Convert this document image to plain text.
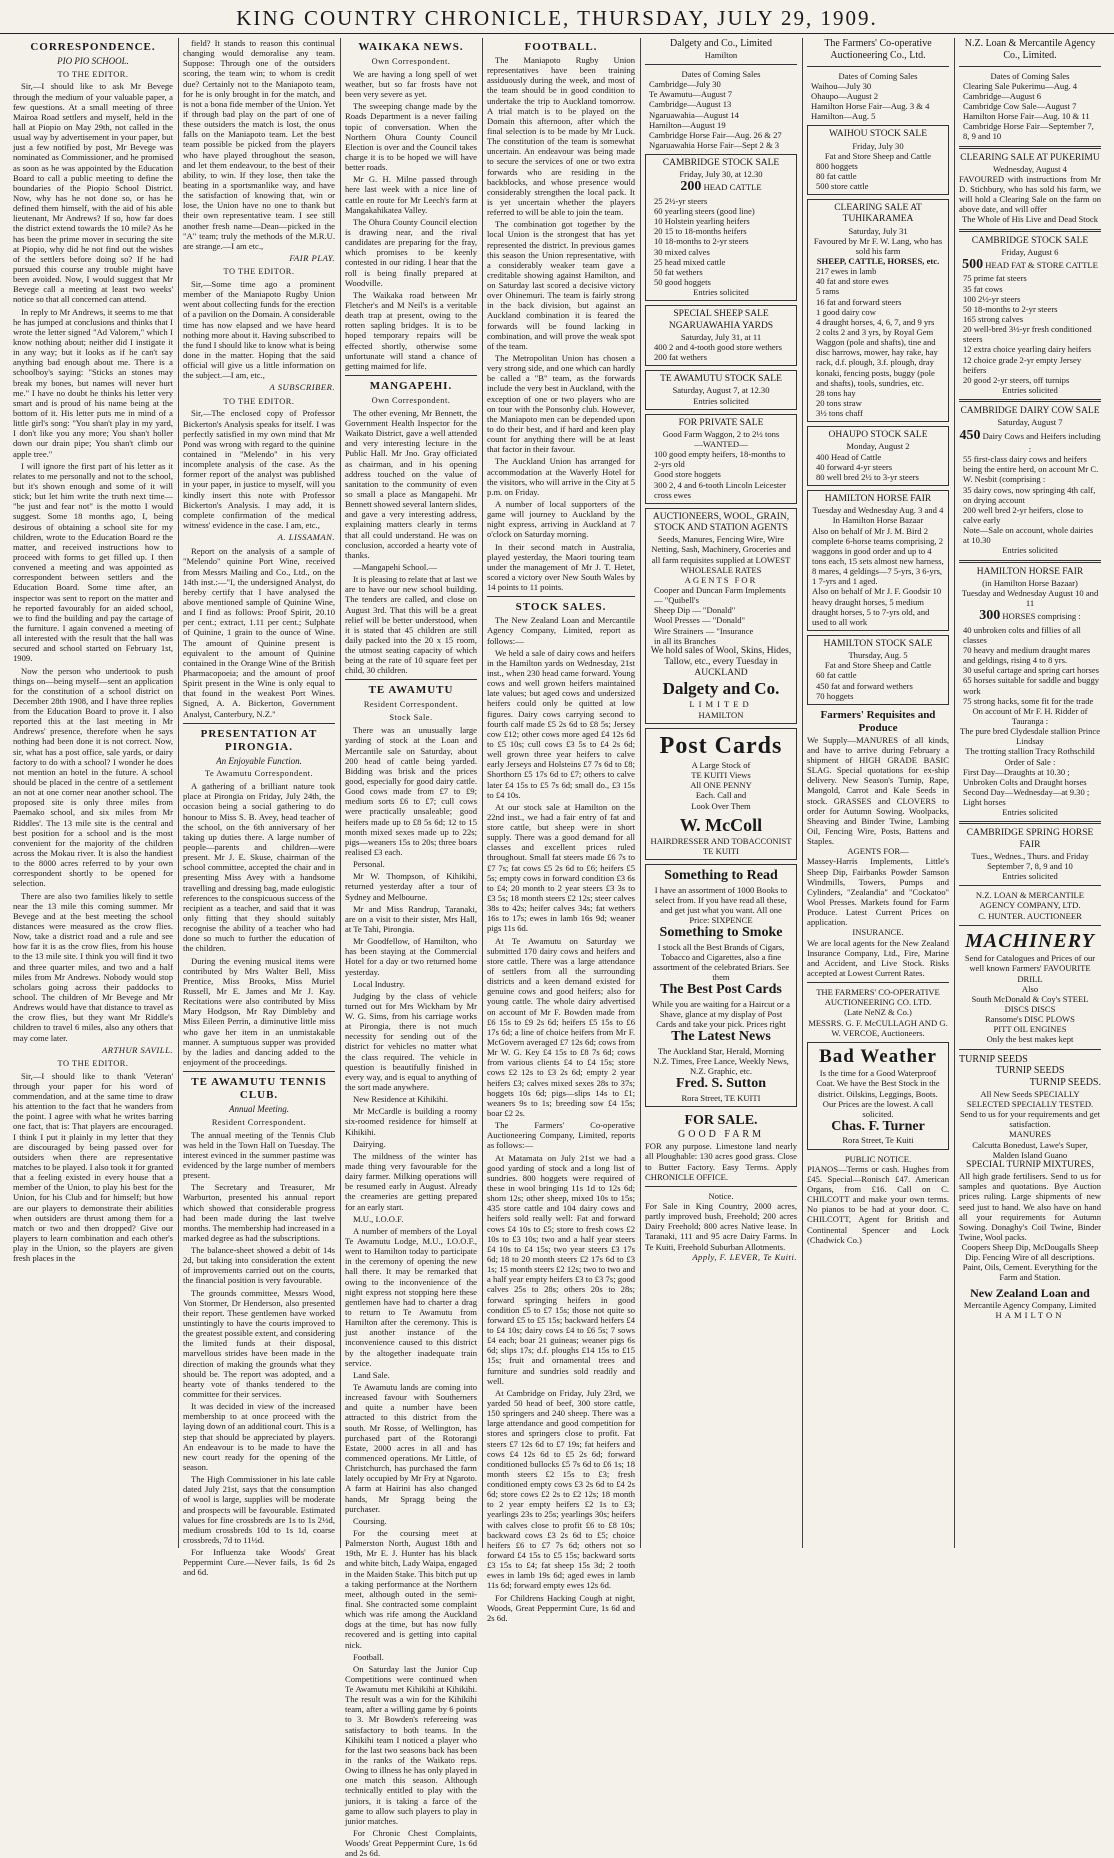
KING COUNTRY CHRONICLE, THURSDAY, JULY 29, 1909.
CORRESPONDENCE.
PIO PIO SCHOOL.
TO THE EDITOR.

Sir,—I should like to ask Mr Bevege through the medium of your valuable paper, a few questions. At a small meeting of three Mairoa Road settlers and myself, held in the hall at Piopio on May 29th, not called in the usual way by advertisement in your paper, but just a few notified by post, Mr Bevege was nominated as Commissioner, and he promised as soon as he was appointed by the Education Board to call a public meeting to define the boundaries of the Piopio School District. Now, why has he not done so, or has he defined them himself, with the aid of his able lieutenant, Mr Andrews? If so, how far does the district extend towards the 10 mile? As he has been the prime mover in securing the site at Piopio, why did he not find out the wishes of the settlers before doing so? If he had pursued this course any trouble might have been avoided. Now, I would suggest that Mr Bevege call a meeting at least two weeks' notice so that all concerned can attend.

In reply to Mr Andrews, it seems to me that he has jumped at conclusions and thinks that I wrote the letter signed "Ad Valorem," which I know nothing about; neither did I instigate it in any way; but it looks as if he can't say anything bad enough about me. There is a schoolboy's saying: "Sticks an stones may break my bones, but names will never hurt me." I have no doubt he thinks his letter very smart and is proud of his name being at the bottom of it. His letter puts me in mind of a little girl's song: "You shan't play in my yard, I don't like you any more; You shan't holler down our drain pipe; You shan't climb our apple tree."

I will ignore the first part of his letter as it relates to me personally and not to the school, but it's shown enough and some of it will stick; but let him write the truth next time— "be just and fear not" is the motto I would suggest. Some 18 months ago, I, being desirous of obtaining a school site for my children, wrote to the Education Board re the matter, and received instructions how to proceed with forms to get filled up. I then convened a meeting and was appointed as correspondent between settlers and the Education Board. Some time after, an inspector was sent to report on the matter and he reported favourably for an aided school, we to find the building and pay the cartage of the furniture. I again convened a meeting of all interested with the result that the hall was secured and school started on February 1st, 1909.

Now the person who undertook to push things on—being myself—sent an application for the constitution of a school district on December 28th 1908, and I have three replies from the Education Board to prove it. I also reported this at the last meeting in Mr Andrews' presence, therefore when he says nothing had been done it is not correct. Now, sir, what has a post office, sale yards, or dairy factory to do with a school? I wonder he does not mention an hotel in the future. A school should be placed in the centre of a settlement an not at one corner near another school. The proposed site is only three miles from Paemako school, and six miles from Mr Riddles'. The 13 mile site is the central and best position for a school and is the most convenient for the majority of the children across the Mokau river. It is also the handiest to the 8000 acres referred to by your own correspondent shortly to be opened for selection.

There are also two families likely to settle near the 13 mile this coming summer. Mr Bevege and at the best meeting the school distances were measured as the crow flies. Now, take a district road and a rule and see how far it is as the crow flies, from his house to the 13 mile site. I think you will find it two and three quarter miles, and two and a half miles from Mr Andrews. Nobody would stop scholars going across their paddocks to school. The children of Mr Bevege and Mr Andrews would have that distance to travel as the crow flies, but they want Mr Riddle's children to travel 6 miles, also any others that may come later.

ARTHUR SAVILL.
TO THE EDITOR.

Sir,—I should like to thank 'Veteran' through your paper for his word of commendation, and at the same time to draw his attention to the fact that he wanders from the point. I agree with what he writes barring one fact, that is: That players are encouraged. I think I put it plainly in my letter that they are discouraged by being passed over for outsiders when there are representative matches to be played. I also took it for granted that a feeling existed in every house that a member of the Union, to play his best for the Union, for his Club and for himself; but how are our players to demonstrate their abilities when outsiders are thrust among them for a match or two and then dropped? Give our players to learn combination and each other's play in the Union, so the players are given fresh places in the

field? It stands to reason this continual changing would demoralise any team. Suppose: Through one of the outsiders scoring, the team win; to whom is credit due? Certainly not to the Maniapoto team, for he is only brought in for the match, and is not a bona fide member of the Union. Yet if through bad play on the part of one of these outsiders the match is lost, the onus falls on the Maniapoto team. Let the best team possible be picked from the players who have played throughout the season, and let them endeavour, to the best of their ability, to win. If they lose, then take the beating in a sportsmanlike way, and have the satisfaction of knowing that, win or lose, the Union have no one to thank but their own representative team. I see still another fresh name—Dean—picked in the "A" team; truly the methods of the M.R.U. are strange.—I am etc.,

FAIR PLAY.
TO THE EDITOR.

Sir,—Some time ago a prominent member of the Maniapoto Rugby Union went about collecting funds for the erection of a pavilion on the Domain. A considerable time has now elapsed and we have heard nothing more about it. Having subscribed to the fund I should like to know what is being done in the matter. Hoping that the said official will give us a little information on the subject.—I am, etc.,

A SUBSCRIBER.
TO THE EDITOR.

Sir,—The enclosed copy of Professor Bickerton's Analysis speaks for itself. I was perfectly satisfied in my own mind that Mr Pond was wrong with regard to the quinine contained in "Melendo" in his very incomplete analysis of the case. As the former report of the analyst was published in your paper, in justice to myself, will you kindly insert this note with Professor Bickerton's Analysis. I may add, it is complete confirmation of the medical witness' evidence in the case. I am, etc.,

A. LISSAMAN.

Report on the analysis of a sample of "Melendo" quinine Port Wine, received from Messrs Mailing and Co., Ltd., on the 14th inst.:—"I, the undersigned Analyst, do hereby certify that I have analysed the above mentioned sample of Quinine Wine, and I find as follows: Proof Spirit, 20.10 per cent.; extract, 1.11 per cent.; Sulphate of Quinine, 1 grain to the ounce of Wine. The amount of Quinine present is equivalent to the amount of Quinine contained in the Orange Wine of the British Pharmacopoeia; and the amount of proof Spirit present in the Wine is only equal to that found in the weakest Port Wines. Signed, A. A. Bickerton, Government Analyst, Canterbury, N.Z."

PRESENTATION AT PIRONGIA.
An Enjoyable Function.
Te Awamutu Correspondent.

A gathering of a brilliant nature took place at Pirongia on Friday, July 24th, the occasion being a social gathering to do honour to Miss S. B. Avey, head teacher of the school, on the 6th anniversary of her taking up duties there. A large number of people—parents and children—were present. Mr J. E. Skuse, chairman of the school committee, accepted the chair and in presenting Miss Avey with a handsome travelling and dressing bag, made eulogistic references to the conspicuous success of the recipient as a teacher, and said that it was only fitting that they should suitably recognise the ability of a teacher who had done so much to further the education of the children.

During the evening musical items were contributed by Mrs Walter Bell, Miss Prentice, Miss Brooks, Miss Muriel Russell, Mr E. James and Mr J. Kay. Recitations were also contributed by Miss Mary Hodgson, Mr Ray Dimbleby and Miss Eileen Perrin, a diminutive little miss who gave her item in an unmistakable manner. A sumptuous supper was provided by the ladies and dancing added to the enjoyment of the proceedings.

TE AWAMUTU TENNIS CLUB.
Annual Meeting.
Resident Correspondent.

The annual meeting of the Tennis Club was held in the Town Hall on Tuesday. The interest evinced in the summer pastime was evidenced by the large number of members present.

The Secretary and Treasurer, Mr Warburton, presented his annual report which showed that considerable progress had been made during the last twelve months. The membership had increased in a marked degree as had the subscriptions.

The balance-sheet showed a debit of 14s 2d, but taking into consideration the extent of improvements carried out on the courts, the financial position is very favourable.

The grounds committee, Messrs Wood, Von Stormer, Dr Henderson, also presented their report. These gentlemen have worked unstintingly to have the courts improved to the greatest possible extent, and considering the limited funds at their disposal, marvellous strides have been made in the direction of making the grounds what they should be. The report was adopted, and a hearty vote of thanks tendered to the committee for their services.

It was decided in view of the increased membership to at once proceed with the laying down of an additional court. This is a step that should be appreciated by players. An endeavour is to be made to have the new court ready for the opening of the season.

The High Commissioner in his late cable dated July 21st, says that the consumption of wool is large, supplies will be moderate and prospects will be favourable. Estimated values for fine crossbreds are 1s to 1s 2½d, medium crossbreds 10d to 1s 1d, coarse crossbreds, 7d to 11½d.

For Influenza take Woods' Great Peppermint Cure.—Never fails, 1s 6d 2s and 6d.

WAIKAKA NEWS.
Own Correspondent.

We are having a long spell of wet weather, but so far frosts have not been very severe as yet.

The sweeping change made by the Roads Department is a never failing topic of conversation. When the Northern Ohura County Council Election is over and the Council takes charge it is to be hoped we will have better roads.

Mr G. H. Milne passed through here last week with a nice line of cattle en route for Mr Leech's farm at Mangakahikatea Valley.

The Ohura County Council election is drawing near, and the rival candidates are preparing for the fray, which promises to be keenly contested in our riding. I hear that the roll is being finally prepared at Woodville.

The Waikaka road between Mr Fletcher's and M Neil's is a veritable death trap at present, owing to the rotten sapling bridges. It is to be hoped temporary repairs will be effected shortly, otherwise some unfortunate will stand a chance of getting maimed for life.

MANGAPEHI.
Own Correspondent.

The other evening, Mr Bennett, the Government Health Inspector for the Waikato District, gave a well attended and very interesting lecture in the Public Hall. Mr Jno. Gray officiated as chairman, and in his opening address touched on the value of sanitation to the community of even so small a place as Mangapehi. Mr Bennett showed several lantern slides, and gave a very interesting address, explaining matters clearly in terms that all could understand. He was on conclusion, accorded a hearty vote of thanks.

—Mangapehi School.—

It is pleasing to relate that at last we are to have our new school building. The tenders are called, and close on August 3rd. That this will be a great relief will be better understood, when it is stated that 45 children are still daily packed into the 20 x 15 room, the utmost seating capacity of which being at the rate of 10 square feet per child, 30 children.

TE AWAMUTU
Resident Correspondent.
Stock Sale.

There was an unusually large yarding of stock at the Loan and Mercantile sale on Saturday, about 200 head of cattle being yarded. Bidding was brisk and the prices good, especially for good dairy cattle. Good cows made from £7 to £9; medium sorts £6 to £7; cull cows were practically unsaleable; good heifers made up to £8 5s 6d; 12 to 15 month mixed sexes made up to 22s; pigs—weaners 15s to 20s; three boars realised £3 each.

Personal.

Mr W. Thompson, of Kihikihi, returned yesterday after a tour of Sydney and Melbourne.

Mr and Miss Randrup, Taranaki, are on a visit to their sister, Mrs Hall, at Te Tahi, Pirongia.

Mr Goodfellow, of Hamilton, who has been staying at the Commercial Hotel for a day or two returned home yesterday.

Local Industry.

Judging by the class of vehicle turned out for Mrs Wickham by Mr W. G. Sims, from his carriage works at Pirongia, there is not much necessity for sending out of the district for vehicles no matter what the class required. The vehicle in question is beautifully finished in every way, and is equal to anything of the sort made anywhere.

New Residence at Kihikihi.

Mr McCardle is building a roomy six-roomed residence for himself at Kihikihi.

Dairying.

The mildness of the winter has made thing very favourable for the dairy farmer. Milking operations will be resumed early in August. Already the creameries are getting prepared for an early start.

M.U., I.O.O.F.

A number of members of the Loyal Te Awamutu Lodge, M.U., I.O.O.F., went to Hamilton today to participate in the ceremony of opening the new hall there. It may be remarked that owing to the inconvenience of the night express not stopping here these gentlemen have had to charter a drag to return to Te Awamutu from Hamilton after the ceremony. This is just another instance of the inconvenience caused to this district by the altogether inadequate train service.

Land Sale.

Te Awamutu lands are coming into increased favour with Southerners and quite a number have been attracted to this district from the south. Mr Rosse, of Wellington, has purchased part of the Rotorangi Estate, 2000 acres in all and has commenced operations. Mr Little, of Christchurch, has purchased the farm lately occupied by Mr Fry at Ngaroto. A farm at Hairini has also changed hands, Mr Spragg being the purchaser.

Coursing.

For the coursing meet at Palmerston North, August 18th and 19th, Mr E. J. Hunter has his black and white bitch, Lady Waipa, engaged in the Maiden Stake. This bitch put up a taking performance at the Northern meet, although outed in the semi-final. She contracted some complaint which was rife among the Auckland dogs at the time, but has now fully recovered and is getting into capital nick.

Football.

On Saturday last the Junior Cup Competitions were continued when Te Awamutu met Kihikihi at Kihikihi. The result was a win for the Kihikihi team, after a willing game by 6 points to 3. Mr Bowden's refereeing was satisfactory to both teams. In the Kihikihi team I noticed a player who for the last two seasons back has been in the ranks of the Waikato reps. Owing to illness he has only played in one match this season. Although technically entitled to play with the juniors, it is taking a farce of the game to allow such players to play in junior matches.

For Chronic Chest Complaints, Woods' Great Peppermint Cure, 1s 6d and 2s 6d.

FOOTBALL.

The Maniapoto Rugby Union representatives have been training assiduously during the week, and most of the team should be in good condition to undertake the trip to Auckland tomorrow. A trial match is to be played on the Domain this afternoon, after which the final selection is to be made by Mr Luck. The constitution of the team is somewhat uncertain. An endeavour was being made to secure the services of one or two extra forwards who are residing in the backblocks, and whose presence would considerably strengthen the local pack. It is yet uncertain whether the players referred to will be able to join the team.

The combination got together by the local Union is the strongest that has yet represented the district. In previous games this season the Union representative, with a considerably weaker team gave a creditable showing against Hamilton, and on Saturday last scored a decisive victory over Ohinemuri. The team is fairly strong in the back division, but against an Auckland combination it is feared the forwards will be found lacking in combination, and will prove the weak spot of the team.

The Metropolitan Union has chosen a very strong side, and one which can hardly be called a "B" team, as the forwards include the very best in Auckland, with the exception of one or two players who are on tour with the Ponsonby club. However, the Maniapoto men can be depended upon to do their best, and if hard and keen play count for anything there will be at least that factor in their favour.

The Auckland Union has arranged for accommodation at the Waverly Hotel for the visitors, who will arrive in the City at 5 p.m. on Friday.

A number of local supporters of the game will journey to Auckland by the night express, arriving in Auckland at 7 o'clock on Saturday morning.

In their second match in Australia, played yesterday, the Maori touring team under the management of Mr J. T. Hetet, scored a victory over New South Wales by 14 points to 11 points.

STOCK SALES.

The New Zealand Loan and Mercantile Agency Company, Limited, report as follows:—

We held a sale of dairy cows and heifers in the Hamilton yards on Wednesday, 21st inst., when 230 head came forward. Young cows and well grown heifers maintained late values; but aged cows and undersized heifers could only be quitted at low figures. Dairy cows carrying second to fourth calf made £5 2s 6d to £8 5s; Jersey cow £12; other cows more aged £4 12s 6d to £5 10s; cull cows £3 5s to £4 2s 6d; well grown three year heifers to calve early Jerseys and Holsteins £7 7s 6d to £8; Shorthorn £5 17s 6d to £7; others to calve later £4 15s to £5 7s 6d; small do., £3 15s to £4 10s.

At our stock sale at Hamilton on the 22nd inst., we had a fair entry of fat and store cattle, but sheep were in short supply. There was a good demand for all classes and excellent prices ruled throughout. Small fat steers made £6 7s to £7 7s; fat cows £5 2s 6d to £6; heifers £5 5s; empty cows in forward condition £3 6s to £4; 20 month to 2 year steers £3 3s to £3 5s; 18 month steers £2 12s; steer calves 38s to 42s; heifer calves 34s; fat wethers 16s to 17s; ewes in lamb 16s 9d; weaner pigs 11s 6d.

At Te Awamutu on Saturday we submitted 170 dairy cows and heifers and store cattle. There was a large attendance of settlers from all the surrounding districts and a keen demand existed for genuine cows and good heifers; also for young cattle. The whole dairy advertised on account of Mr F. Bowden made from £6 15s to £9 2s 6d; heifers £5 15s to £6 17s 6d; a line of choice heifers from Mr F. McGovern averaged £7 12s 6d; cows from Mr W. G. Key £4 15s to £8 7s 6d; cows from various clients £4 to £4 15s; store cows £2 12s to £3 2s 6d; empty 2 year heifers £3; calves mixed sexes 28s to 37s; hoggets 10s 6d; pigs—slips 14s to £1; weaners 9s to 1s; breeding sow £4 15s; boar £2 2s.

The Farmers' Co-operative Auctioneering Company, Limited, reports as follows:—

At Matamata on July 21st we had a good yarding of stock and a long list of sundries. 800 hoggets were required of these in wool bringing 11s 1d to 12s 6d; shorn 12s; other sheep, mixed 10s to 15s; 435 store cattle and 104 dairy cows and heifers sold really well: Fat and forward cows £4 10s to £5; store to fresh cows £2 10s to £3 10s; two and a half year steers £4 10s to £4 15s; two year steers £3 17s 6d; 18 to 20 month steers £2 17s 6d to £3 1s; 15 month steers £2 12s; two to two and a half year empty heifers £3 to £3 7s; good calves 25s to 28s; others 20s to 28s; forward springing heifers in good condition £5 to £7 15s; those not quite so forward £5 to £5 15s; backward heifers £4 to £4 10s; dairy cows £4 to £6 5s; 7 sows £4 each; boar 21 guineas; weaner pigs 6s 6d; slips 17s; d.f. ploughs £14 15s to £15 15s; fruit and ornamental trees and furniture and sundries sold readily and well.

At Cambridge on Friday, July 23rd, we yarded 50 head of beef, 300 store cattle, 150 springers and 240 sheep. There was a large attendance and good competition for stores and springers close to profit. Fat steers £7 12s 6d to £7 19s; fat heifers and cows £4 12s 6d to £5 2s 6d; forward conditioned bullocks £5 7s 6d to £6 1s; 18 month steers £2 15s to £3; fresh conditioned empty cows £3 2s 6d to £4 2s 6d; store cows £2 2s to £2 12s; 18 month to 2 year empty heifers £2 1s to £3; yearlings 23s to 25s; yearlings 30s; heifers with calves close to profit £6 to £8 10s; backward cows £3 2s 6d to £5; choice heifers £6 to £7 7s 6d; others not so forward £4 15s to £5 15s; backward sorts £3 15s to £4; fat sheep 15s 3d; 2 tooth ewes in lamb 19s 6d; aged ewes in lamb 11s 6d; forward empty ewes 12s 6d.

For Childrens Hacking Cough at night, Woods, Great Peppermint Cure, 1s 6d and 2s 6d.

Dalgety and Co., Limited
Hamilton
Dates of Coming Sales
Cambridge—July 30
Te Awamutu—August 7
Cambridge—August 13
Ngaruawahia—August 14
Hamilton—August 19
Cambridge Horse Fair—Aug. 26 & 27
Ngaruawahia Horse Fair—Sept 2 & 3
CAMBRIDGE STOCK SALE
Friday, July 30, at 12.30
200 HEAD CATTLE
25 2½-yr steers
60 yearling steers (good line)
10 Holstein yearling heifers
20 15 to 18-months heifers
10 18-months to 2-yr steers
30 mixed calves
25 head mixed cattle
50 fat wethers
50 good hoggets
Entries solicited
SPECIAL SHEEP SALE NGARUAWAHIA YARDS
Saturday, July 31, at 11
400 2 and 4-tooth good store wethers
200 fat wethers
TE AWAMUTU STOCK SALE
Saturday, August 7, at 12.30
Entries solicited
FOR PRIVATE SALE
Good Farm Waggon, 2 to 2½ tons
—WANTED—
100 good empty heifers, 18-months to 2-yrs old
Good store hoggets
300 2, 4 and 6-tooth Lincoln Leicester cross ewes
AUCTIONEERS, WOOL, GRAIN, STOCK AND STATION AGENTS
Seeds, Manures, Fencing Wire, Wire Netting, Sash, Machinery, Groceries and all farm requisites supplied at LOWEST WHOLESALE RATES
AGENTS FOR
Cooper and Duncan Farm Implements — "Quibell's
Sheep Dip — "Donald"
Wool Presses — "Donald"
Wire Strainers — "Insurance
in all its Branches
We hold sales of Wool, Skins, Hides, Tallow, etc., every Tuesday in AUCKLAND
Dalgety and Co.
LIMITED
HAMILTON
Post Cards
A Large Stock of
TE KUITI Views
All ONE PENNY
Each. Call and
Look Over Them
W. McColl
HAIRDRESSER AND TOBACCONIST
TE KUITI
Something to Read
I have an assortment of 1000 Books to select from. If you have read all these, and get just what you want. All one Price: SIXPENCE
Something to Smoke
I stock all the Best Brands of Cigars, Tobacco and Cigarettes, also a fine assortment of the celebrated Briars. See them
The Best Post Cards
While you are waiting for a Haircut or a Shave, glance at my display of Post Cards and take your pick. Prices right
The Latest News
The Auckland Star, Herald, Morning N.Z. Times, Free Lance, Weekly News, N.Z. Graphic, etc.
Fred. S. Sutton
Rora Street, TE KUITI
FOR SALE.
GOOD FARM
FOR any purpose. Limestone land nearly all Ploughable: 130 acres good grass. Close to Butter Factory. Easy Terms. Apply CHRONICLE OFFICE.
Notice.
For Sale in King Country, 2000 acres, partly improved bush, Freehold; 200 acres Dairy Freehold; 800 acres Native lease. In Taranaki, 111 and 95 acre Dairy Farms. In Te Kuiti, Freehold Suburban Allotments.
Apply, F. LEVER, Te Kuiti.
The Farmers' Co-operative Auctioneering Co., Ltd.
Dates of Coming Sales
Waihou—July 30
Ohaupo—August 2
Hamilton Horse Fair—Aug. 3 & 4
Hamilton—Aug. 5
WAIHOU STOCK SALE
Friday, July 30
Fat and Store Sheep and Cattle
800 hoggets
80 fat cattle
500 store cattle
CLEARING SALE AT TUHIKARAMEA
Saturday, July 31
Favoured by Mr F. W. Lang, who has sold his farm
SHEEP, CATTLE, HORSES, etc.
217 ewes in lamb
40 fat and store ewes
5 rams
16 fat and forward steers
1 good dairy cow
4 draught horses, 4, 6, 7, and 9 yrs
2 colts 2 and 3 yrs, by Royal Gem
Waggon (pole and shafts), tine and disc harrows, mower, hay rake, hay rack, d.f. plough, 3.f. plough, dray konaki, fencing posts, buggy (pole and shafts), tools, sundries, etc.
28 tons hay
20 tons straw
3½ tons chaff
OHAUPO STOCK SALE
Monday, August 2
400 Head of Cattle
40 forward 4-yr steers
80 well bred 2½ to 3-yr steers
HAMILTON HORSE FAIR
Tuesday and Wednesday Aug. 3 and 4
In Hamilton Horse Bazaar
Also on behalf of Mr J. M. Bird 2 complete 6-horse teams comprising, 2 waggons in good order and up to 4 tons each, 15 sets almost new harness, 8 mares, 4 geldings—7 5-yrs, 3 6-yrs, 1 7-yrs and 1 aged.
Also on behalf of Mr J. F. Goodsir 10 heavy draught horses, 5 medium draught horses, 5 to 7-yrs old, and used to all work
HAMILTON STOCK SALE
Thursday, Aug. 5
Fat and Store Sheep and Cattle
60 fat cattle
450 fat and forward wethers
70 hoggets
Farmers' Requisites and Produce
We Supply—MANURES of all kinds, and have to arrive during February a shipment of HIGH GRADE BASIC SLAG. Special quotations for ex-ship delivery. New Season's Turnip, Rape, Mangold, Carrot and Kale Seeds in stock. GRASSES and CLOVERS to order for Autumn Sowing. Woolpacks, Sheaving and Binder Twine, Lambing Oil, Fencing Wire, Posts, Battens and Staples.
AGENTS FOR—
Massey-Harris Implements, Little's Sheep Dip, Fairbanks Powder Samson Windmills, Towers, Pumps and Cylinders, "Zealandia" and "Cockatoo" Wool Presses. Markets found for Farm Produce. Latest Current Prices on application.
INSURANCE.
We are local agents for the New Zealand Insurance Company, Ltd., Fire, Marine and Accident, and Live Stock. Risks accepted at Lowest Current Rates.
THE FARMERS' CO-OPERATIVE AUCTIONEERING CO. LTD.
(Late NeNZ & Co.)
MESSRS. G. F. McCULLAGH AND G. W. VERCOE, Auctioneers.
Bad Weather
Is the time for a Good Waterproof Coat. We have the Best Stock in the district. Oilskins, Leggings, Boots. Our Prices are the lowest. A call solicited.
Chas. F. Turner
Rora Street, Te Kuiti
PUBLIC NOTICE.
PIANOS—Terms or cash. Hughes from £45. Special—Ronisch £47. American Organs, from £16. Call on C. CHILCOTT and make your own terms. No pianos to be had at your door. C. CHILCOTT, Agent for British and Continental Spencer and Lock (Chadwick Co.)
N.Z. Loan & Mercantile Agency Co., Limited.
Dates of Coming Sales
Clearing Sale Pukerimu—Aug. 4
Cambridge—August 6
Cambridge Cow Sale—August 7
Hamilton Horse Fair—Aug. 10 & 11
Cambridge Horse Fair—September 7, 8, 9 and 10
CLEARING SALE AT PUKERIMU
Wednesday, August 4
FAVOURED with instructions from Mr D. Stichbury, who has sold his farm, we will hold a Clearing Sale on the farm on above date, and will offer
The Whole of His Live and Dead Stock
CAMBRIDGE STOCK SALE
Friday, August 6
500 HEAD FAT & STORE CATTLE
75 prime fat steers
35 fat cows
100 2½-yr steers
50 18-months to 2-yr steers
165 strong calves
20 well-bred 3½-yr fresh conditioned steers
12 extra choice yearling dairy heifers
12 choice grade 2-yr empty Jersey heifers
20 good 2-yr steers, off turnips
Entries solicited
CAMBRIDGE DAIRY COW SALE
Saturday, August 7
450 Dairy Cows and Heifers including :
55 first-class dairy cows and heifers being the entire herd, on account Mr C. W. Nesbit (comprising :
35 dairy cows, now springing 4th calf, on drying account
200 well bred 2-yr heifers, close to calve early
Note—Sale on account, whole dairies at 10.30
Entries solicited
HAMILTON HORSE FAIR
(in Hamilton Horse Bazaar)
Tuesday and Wednesday August 10 and 11
300 HORSES comprising :
40 unbroken colts and fillies of all classes
70 heavy and medium draught mares and geldings, rising 4 to 8 yrs.
30 useful cartage and spring cart horses
65 horses suitable for saddle and buggy work
75 strong hacks, some fit for the trade
On account of Mr F. H. Ridder of Tauranga :
The pure bred Clydesdale stallion Prince Lindsay
The trotting stallion Tracy Rothschild
Order of Sale :
First Day—Draughts at 10.30 ; Unbroken Colts and Draught horses
Second Day—Wednesday—at 9.30 ; Light horses
Entries solicited
CAMBRIDGE SPRING HORSE FAIR
Tues., Wednes., Thurs. and Friday September 7, 8, 9 and 10
Entries solicited
N.Z. LOAN & MERCANTILE AGENCY COMPANY, LTD.
C. HUNTER. AUCTIONEER
MACHINERY
Send for Catalogues and Prices of our well known Farmers' FAVOURITE DRILL
Also
South McDonald & Coy's STEEL DISCS DISCS
Ransome's DISC PLOWS
PITT OIL ENGINES
Only the best makes kept
TURNIP SEEDS
TURNIP SEEDS
TURNIP SEEDS.
All New Seeds SPECIALLY SELECTED SPECIALLY TESTED. Send to us for your requirements and get satisfaction.
MANURES
Calcutta Bonedust, Lawe's Super, Malden Island Guano
SPECIAL TURNIP MIXTURES,
All high grade fertilisers. Send to us for samples and quotations. Bye Auction prices ruling. Large shipments of new seed just to hand. We also have on hand all your requirements for Autumn Sowing. Donaghy's Coil Twine, Binder Twine, Wool packs.
Coopers Sheep Dip, McDougalls Sheep Dip. Fencing Wire of all descriptions. Paint, Oils, Cement. Everything for the Farm and Station.
New Zealand Loan and
Mercantile Agency Company, Limited
HAMILTON
